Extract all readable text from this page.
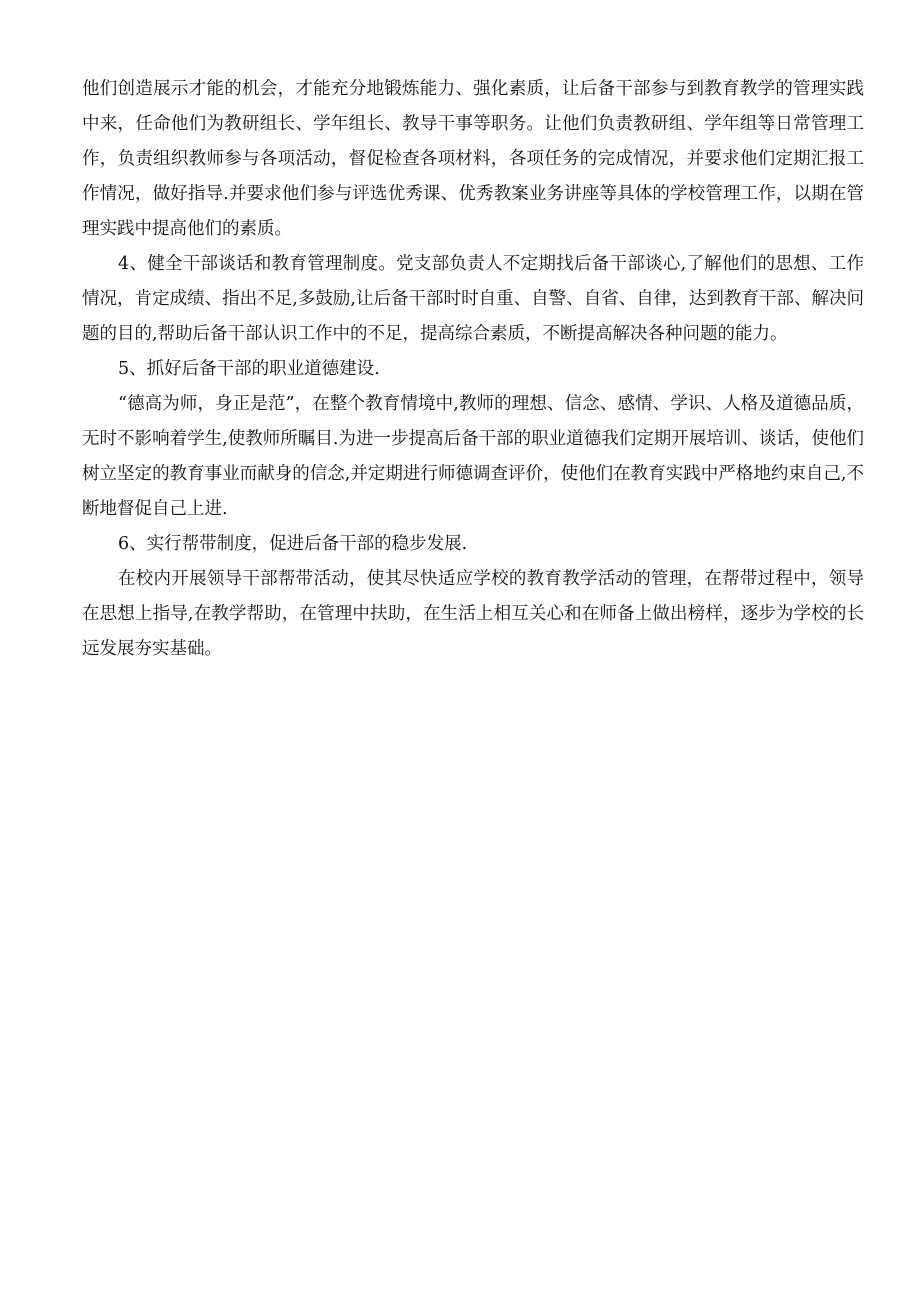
他们创造展示才能的机会，才能充分地锻炼能力、强化素质，让后备干部参与到教育教学的管理实践中来，任命他们为教研组长、学年组长、教导干事等职务。让他们负责教研组、学年组等日常管理工作，负责组织教师参与各项活动，督促检查各项材料，各项任务的完成情况，并要求他们定期汇报工作情况，做好指导.并要求他们参与评选优秀课、优秀教案业务讲座等具体的学校管理工作，以期在管理实践中提高他们的素质。

4、健全干部谈话和教育管理制度。党支部负责人不定期找后备干部谈心,了解他们的思想、工作情况，肯定成绩、指出不足,多鼓励,让后备干部时时自重、自警、自省、自律，达到教育干部、解决问题的目的,帮助后备干部认识工作中的不足，提高综合素质，不断提高解决各种问题的能力。

5、抓好后备干部的职业道德建设.

“德高为师，身正是范”，在整个教育情境中,教师的理想、信念、感情、学识、人格及道德品质，无时不影响着学生,使教师所瞩目.为进一步提高后备干部的职业道德我们定期开展培训、谈话，使他们树立坚定的教育事业而献身的信念,并定期进行师德调查评价，使他们在教育实践中严格地约束自己,不断地督促自己上进.

6、实行帮带制度，促进后备干部的稳步发展.

在校内开展领导干部帮带活动，使其尽快适应学校的教育教学活动的管理，在帮带过程中，领导在思想上指导,在教学帮助，在管理中扶助，在生活上相互关心和在师备上做出榜样，逐步为学校的长远发展夯实基础。
